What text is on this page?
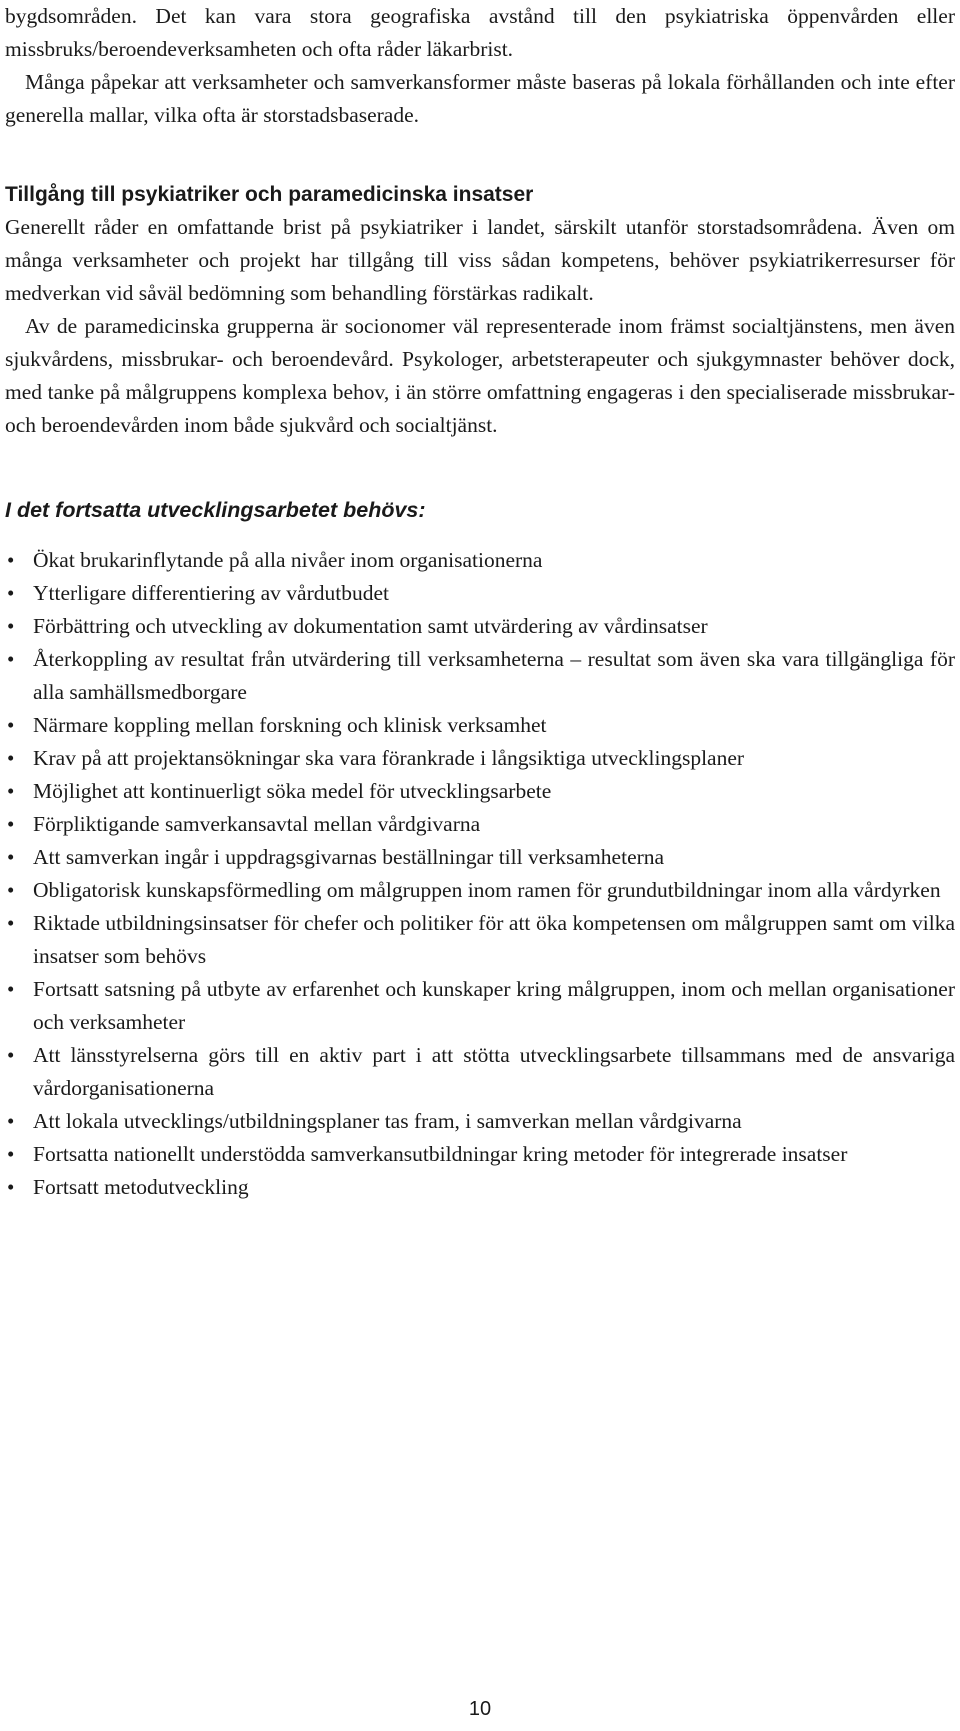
bygdsområden. Det kan vara stora geografiska avstånd till den psykiatriska öppenvården eller missbruks/beroendeverksamheten och ofta råder läkarbrist.

Många påpekar att verksamheter och samverkansformer måste baseras på lokala förhållanden och inte efter generella mallar, vilka ofta är storstadsbaserade.

Tillgång till psykiatriker och paramedicinska insatser

Generellt råder en omfattande brist på psykiatriker i landet, särskilt utanför storstadsområdena. Även om många verksamheter och projekt har tillgång till viss sådan kompetens, behöver psykiatrikerresurser för medverkan vid såväl bedömning som behandling förstärkas radikalt.

Av de paramedicinska grupperna är socionomer väl representerade inom främst socialtjänstens, men även sjukvårdens, missbrukar- och beroendevård. Psykologer, arbetsterapeuter och sjukgymnaster behöver dock, med tanke på målgruppens komplexa behov, i än större omfattning engageras i den specialiserade missbrukar- och beroendevården inom både sjukvård och socialtjänst.

I det fortsatta utvecklingsarbetet behövs:
• Ökat brukarinflytande på alla nivåer inom organisationerna
• Ytterligare differentiering av vårdutbudet
• Förbättring och utveckling av dokumentation samt utvärdering av vårdinsatser
• Återkoppling av resultat från utvärdering till verksamheterna – resultat som även ska vara tillgängliga för alla samhällsmedborgare
• Närmare koppling mellan forskning och klinisk verksamhet
• Krav på att projektansökningar ska vara förankrade i långsiktiga utvecklingsplaner
• Möjlighet att kontinuerligt söka medel för utvecklingsarbete
• Förpliktigande samverkansavtal mellan vårdgivarna
• Att samverkan ingår i uppdragsgivarnas beställningar till verksamheterna
• Obligatorisk kunskapsförmedling om målgruppen inom ramen för grundutbildningar inom alla vårdyrken
• Riktade utbildningsinsatser för chefer och politiker för att öka kompetensen om målgruppen samt om vilka insatser som behövs
• Fortsatt satsning på utbyte av erfarenhet och kunskaper kring målgruppen, inom och mellan organisationer och verksamheter
• Att länsstyrelserna görs till en aktiv part i att stötta utvecklingsarbete tillsammans med de ansvariga vårdorganisationerna
• Att lokala utvecklings/utbildningsplaner tas fram, i samverkan mellan vårdgivarna
• Fortsatta nationellt understödda samverkansutbildningar kring metoder för integrerade insatser
• Fortsatt metodutveckling
10
